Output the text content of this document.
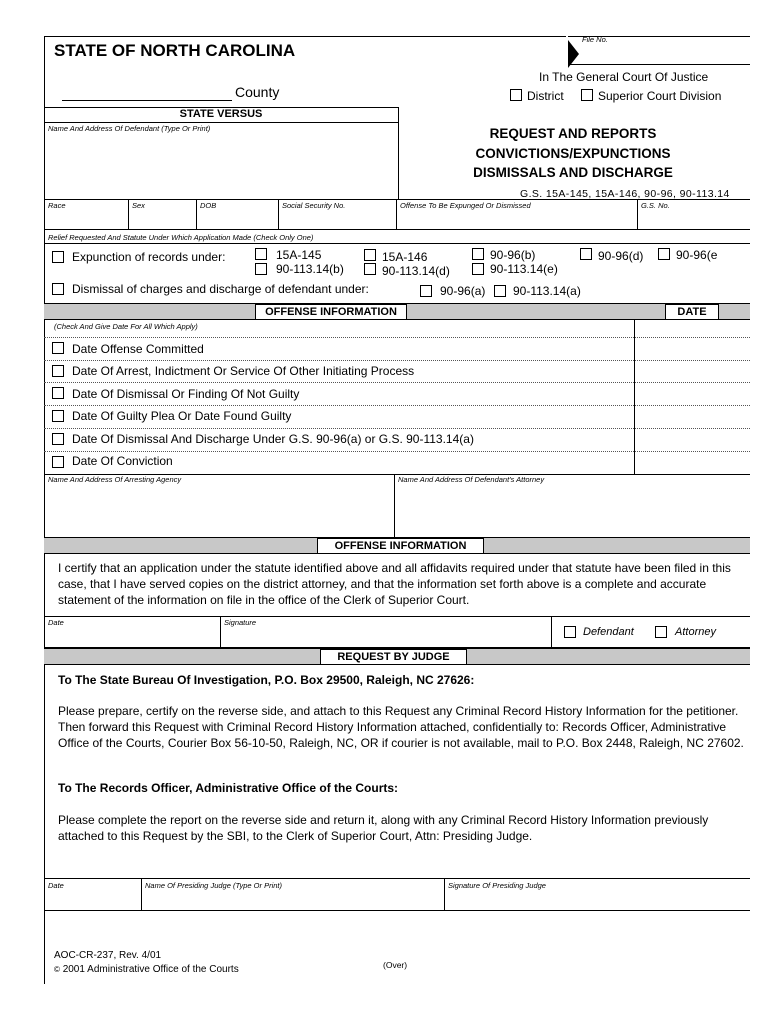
File No.
STATE OF NORTH CAROLINA
County
In The General Court Of Justice
District	Superior Court Division
STATE VERSUS
Name And Address Of Defendant (Type Or Print)	REQUEST AND REPORTS
CONVICTIONS/EXPUNCTIONS
DISMISSALS AND DISCHARGE
G.S. 15A-145, 15A-146, 90-96, 90-113.14
Race	Sex	DOB	Social Security No.	Offense To Be Expunged Or Dismissed	G.S. No.
Relief Requested And Statute Under Which Application Made (Check Only One)
Expunction of records under:	15A-145
90-113.14(b)
15A-146
90-113.14(d)
90-96(b)
90-113.14(e)
90-96(d)	90-96(e
Dismissal of charges and discharge of defendant under:	90-96(a) 90-113.14(a)
OFFENSE INFORMATION	DATE
(Check And Give Date For All Which Apply)
Date Offense Committed
Date Of Arrest, Indictment Or Service Of Other Initiating Process
Date Of Dismissal Or Finding Of Not Guilty
Date Of Guilty Plea Or Date Found Guilty
Date Of Dismissal And Discharge Under G.S. 90-96(a) or G.S. 90-113.14(a)
Date Of Conviction
Name And Address Of Arresting Agency	Name And Address Of Defendant's Attorney
OFFENSE INFORMATION
I certify that an application under the statute identified above and all affidavits required under that statute have been filed in this case, that I have served copies on the district attorney, and that the information set forth above is a complete and accurate statement of the information on file in the office of the Clerk of Superior Court.
Date	Signature
Defendant	Attorney
REQUEST BY JUDGE
To The State Bureau Of Investigation, P.O. Box 29500, Raleigh, NC 27626:
Please prepare, certify on the reverse side, and attach to this Request any Criminal Record History Information for the petitioner. Then forward this Request with Criminal Record History Information attached, confidentially to: Records Officer, Administrative Office of the Courts, Courier Box 56-10-50, Raleigh, NC, OR if courier is not available, mail to P.O. Box 2448, Raleigh, NC 27602.
To The Records Officer, Administrative Office of the Courts:
Please complete the report on the reverse side and return it, along with any Criminal Record History Information previously attached to this Request by the SBI, to the Clerk of Superior Court, Attn: Presiding Judge.
Date	Name Of Presiding Judge (Type Or Print)	Signature Of Presiding Judge
AOC-CR-237, Rev. 4/01
© 2001 Administrative Office of the Courts	(Over)
